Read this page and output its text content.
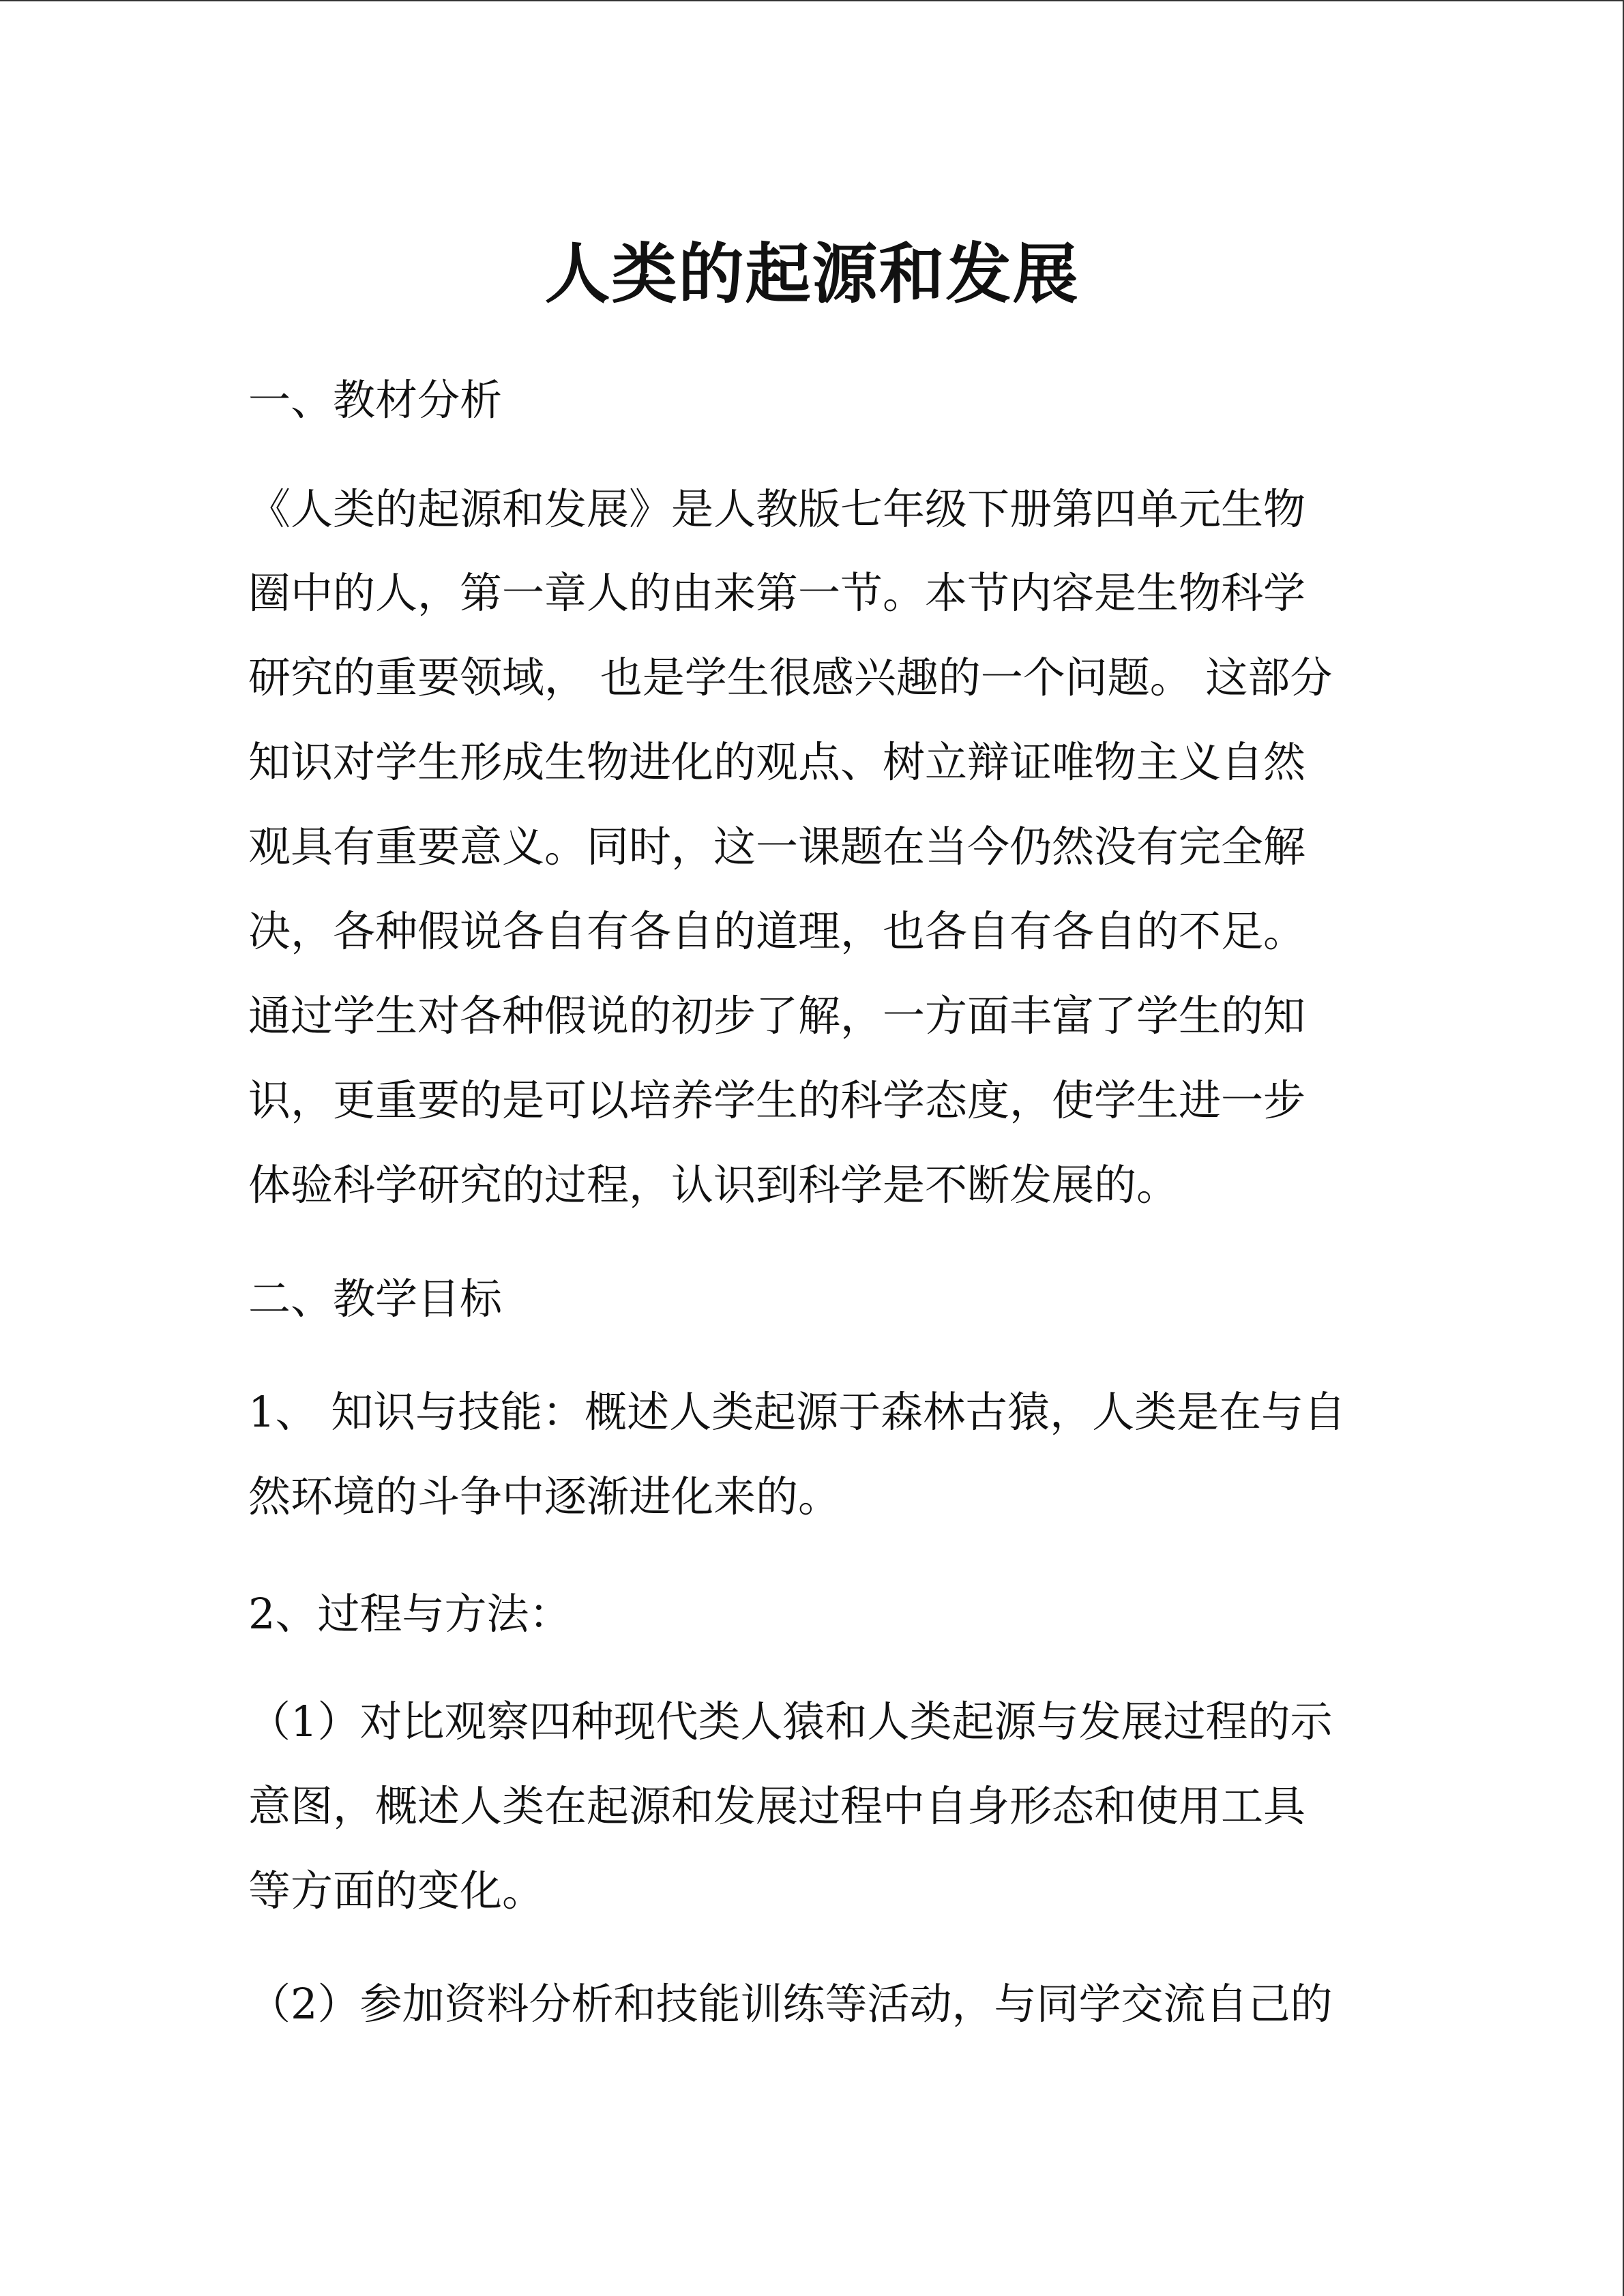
人类的起源和发展

一、教材分析

《人类的起源和发展》是人教版七年级下册第四单元生物

圈中的人，第一章人的由来第一节。本节内容是生物科学

研究的重要领域， 也是学生很感兴趣的一个问题。 这部分

知识对学生形成生物进化的观点、树立辩证唯物主义自然

观具有重要意义。同时，这一课题在当今仍然没有完全解

决，各种假说各自有各自的道理，也各自有各自的不足。

通过学生对各种假说的初步了解，一方面丰富了学生的知

识，更重要的是可以培养学生的科学态度，使学生进一步

体验科学研究的过程，认识到科学是不断发展的。

二、教学目标

1、 知识与技能：概述人类起源于森林古猿，人类是在与自

然环境的斗争中逐渐进化来的。

2、过程与方法：

（1）对比观察四种现代类人猿和人类起源与发展过程的示

意图，概述人类在起源和发展过程中自身形态和使用工具

等方面的变化。

（2）参加资料分析和技能训练等活动，与同学交流自己的
